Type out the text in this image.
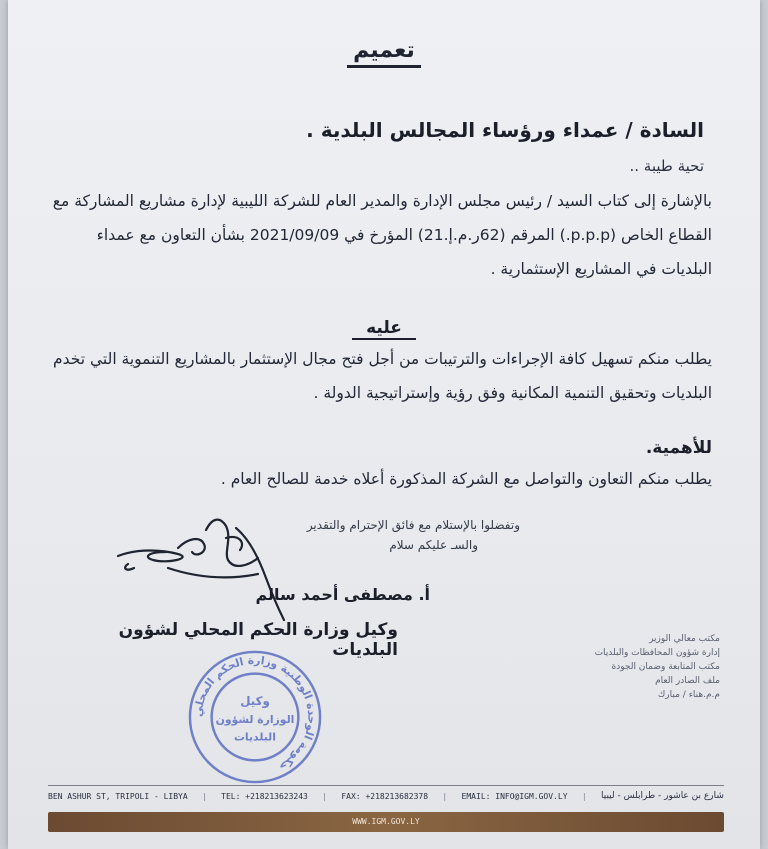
تعميم
السادة / عمداء ورؤساء المجالس البلدية .
تحية طيبة ..
بالإشارة إلى كتاب السيد / رئيس مجلس الإدارة والمدير العام للشركة الليبية لإدارة مشاريع المشاركة مع القطاع الخاص (p.p.p.) المرقم (62ر.م.إ.21) المؤرخ في 2021/09/09 بشأن التعاون مع عمداء البلديات في المشاريع الإستثمارية .
عليه
يطلب منكم تسهيل كافة الإجراءات والترتيبات من أجل فتح مجال الإستثمار بالمشاريع التنموية التي تخدم البلديات وتحقيق التنمية المكانية وفق رؤية وإستراتيجية الدولة .
للأهمية.
يطلب منكم التعاون والتواصل مع الشركة المذكورة أعلاه خدمة للصالح العام .
وتفضلوا بالإستلام مع فائق الإحترام والتقدير
والسـ عليكم سلام
أ. مصطفى أحمد سالم
وكيل وزارة الحكم المحلي لشؤون البلديات
مكتب معالي الوزير
إدارة شؤون المحافظات والبلديات
مكتب المتابعة وضمان الجودة
ملف الصادر العام
م.م.هناء / مبارك
حكومة الوحدة الوطنية وزارة الحكم المحلي
وكيل
الوزارة لشؤون
البلديات
BEN ASHUR ST, TRIPOLI - LIBYA	|	TEL: +218213623243	|	FAX: +218213682378	|	EMAIL: INFO@IGM.GOV.LY	|	شارع بن عاشور - طرابلس - ليبيا
WWW.IGM.GOV.LY
